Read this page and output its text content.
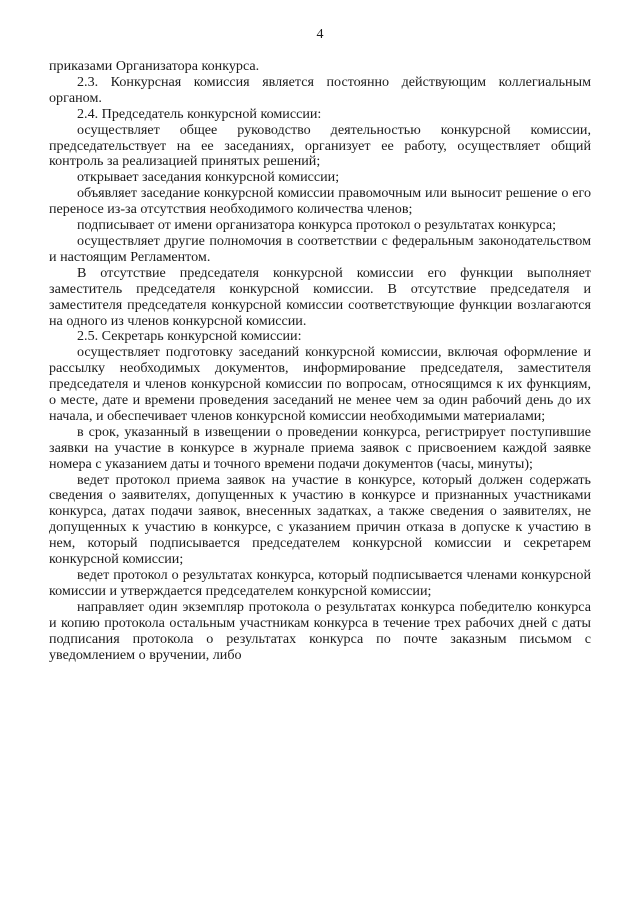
4

приказами Организатора конкурса.

2.3. Конкурсная комиссия является постоянно действующим коллегиальным органом.

2.4. Председатель конкурсной комиссии:

осуществляет общее руководство деятельностью конкурсной комиссии, председательствует на ее заседаниях, организует ее работу, осуществляет общий контроль за реализацией принятых решений;

открывает заседания конкурсной комиссии;

объявляет заседание конкурсной комиссии правомочным или выносит решение о его переносе из-за отсутствия необходимого количества членов;

подписывает от имени организатора конкурса протокол о результатах конкурса;

осуществляет другие полномочия в соответствии с федеральным законодательством и настоящим Регламентом.

В отсутствие председателя конкурсной комиссии его функции выполняет заместитель председателя конкурсной комиссии. В отсутствие председателя и заместителя председателя конкурсной комиссии соответствующие функции возлагаются на одного из членов конкурсной комиссии.

2.5. Секретарь конкурсной комиссии:

осуществляет подготовку заседаний конкурсной комиссии, включая оформление и рассылку необходимых документов, информирование председателя, заместителя председателя и членов конкурсной комиссии по вопросам, относящимся к их функциям, о месте, дате и времени проведения заседаний не менее чем за один рабочий день до их начала, и обеспечивает членов конкурсной комиссии необходимыми материалами;

в срок, указанный в извещении о проведении конкурса, регистрирует поступившие заявки на участие в конкурсе в журнале приема заявок с присвоением каждой заявке номера с указанием даты и точного времени подачи документов (часы, минуты);

ведет протокол приема заявок на участие в конкурсе, который должен содержать сведения о заявителях, допущенных к участию в конкурсе и признанных участниками конкурса, датах подачи заявок, внесенных задатках, а также сведения о заявителях, не допущенных к участию в конкурсе, с указанием причин отказа в допуске к участию в нем, который подписывается председателем конкурсной комиссии и секретарем конкурсной комиссии;

ведет протокол о результатах конкурса, который подписывается членами конкурсной комиссии и утверждается председателем конкурсной комиссии;

направляет один экземпляр протокола о результатах конкурса победителю конкурса и копию протокола остальным участникам конкурса в течение трех рабочих дней с даты подписания протокола о результатах конкурса по почте заказным письмом с уведомлением о вручении, либо
